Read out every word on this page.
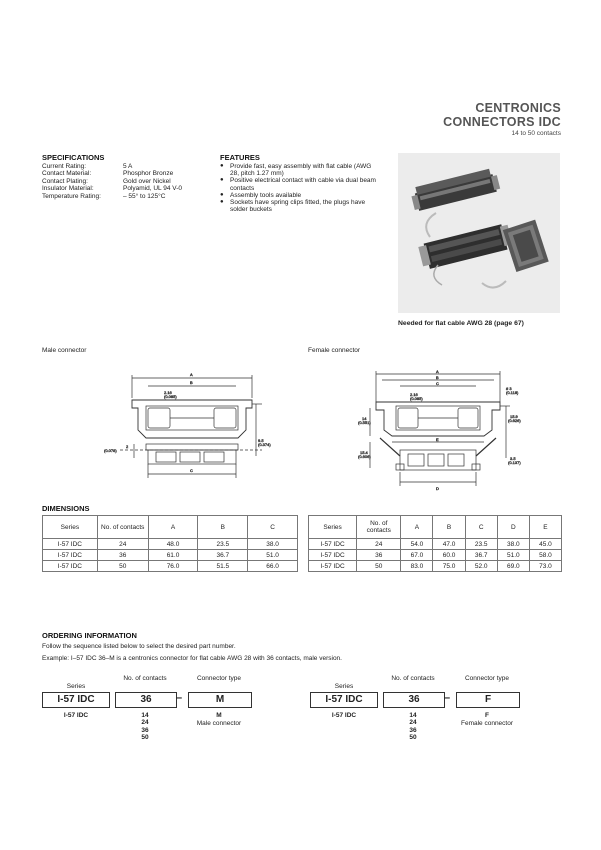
CENTRONICS
CONNECTORS IDC
14 to 50 contacts
SPECIFICATIONS
Current Rating:	5 A
Contact Material:	Phosphor Bronze
Contact Plating:	Gold over Nickel
Insulator Material:	Polyamid, UL 94 V-0
Temperature Rating:	– 55° to 125°C
FEATURES
● Provide fast, easy assembly with flat cable (AWG 28, pitch 1.27 mm)
● Positive electrical contact with cable via dual beam contacts
● Assembly tools available
● Sockets have spring clips fitted, the plugs have solder buckets
Needed for flat cable AWG 28 (page 67)
Male connector	Female connector
A
B
2.16
(0.085)
9.5
(0.374)
2
(0.078)
C
A
B
C
2.16
(0.085)
# 3
(0.118)
15.9
(0.626)
14
(0.551)
15.4
(0.606)	3.5
(0.137)
E
D
DIMENSIONS
Series	No. of contacts	A	B	C
I-57 IDC	24	48.0	23.5	38.0
I-57 IDC	36	61.0	36.7	51.0
I-57 IDC	50	76.0	51.5	66.0
Series	No. of contacts	A	B	C	D	E
I-57 IDC	24	54.0	47.0	23.5	38.0	45.0
I-57 IDC	36	67.0	60.0	36.7	51.0	58.0
I-57 IDC	50	83.0	75.0	52.0	69.0	73.0
ORDERING INFORMATION
Follow the sequence listed below to select the desired part number.
Example: I–57 IDC 36–M is a centronics connector for flat cable AWG 28 with 36 contacts, male version.
Series
No. of contacts	Connector type
I-57 IDC	36	–	M
I-57 IDC	14
24
36
50
M
Male connector
Series
No. of contacts	Connector type
I-57 IDC	36	–	F
I-57 IDC	14
24
36
50
F
Female connector
